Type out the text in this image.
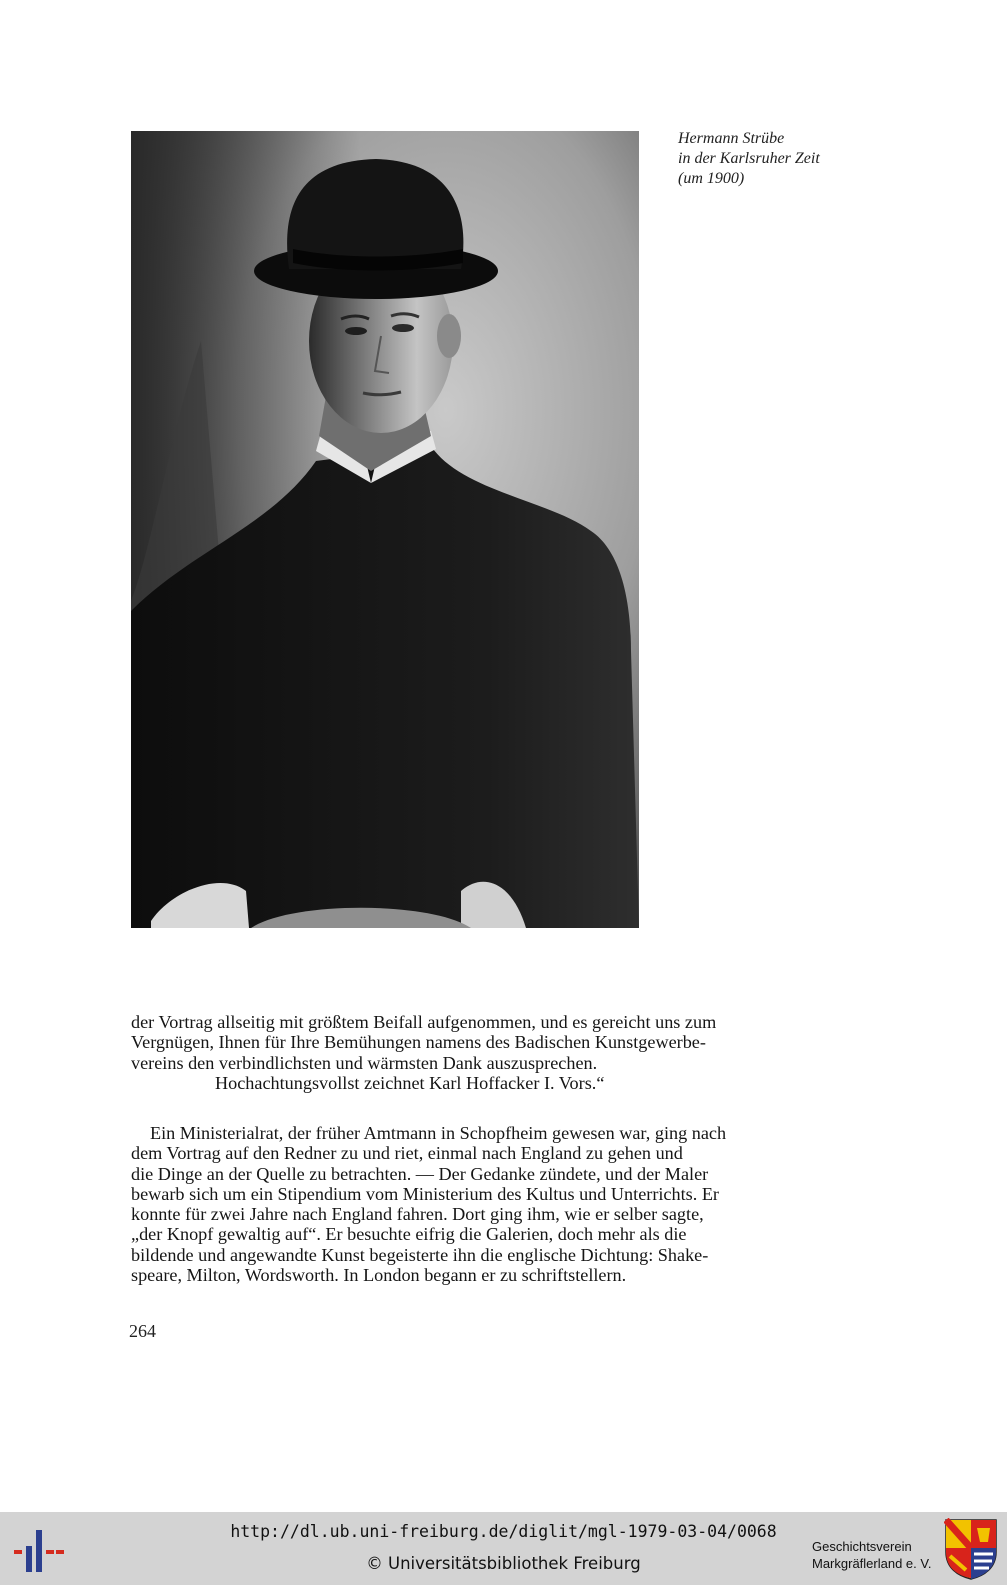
Hermann Strübe
in der Karlsruher Zeit
(um 1900)

der Vortrag allseitig mit größtem Beifall aufgenommen, und es gereicht uns zum

Vergnügen, Ihnen für Ihre Bemühungen namens des Badischen Kunstgewerbe-

vereins den verbindlichsten und wärmsten Dank auszusprechen.

Hochachtungsvollst zeichnet Karl Hoffacker I. Vors.“

Ein Ministerialrat, der früher Amtmann in Schopfheim gewesen war, ging nach

dem Vortrag auf den Redner zu und riet, einmal nach England zu gehen und

die Dinge an der Quelle zu betrachten. — Der Gedanke zündete, und der Maler

bewarb sich um ein Stipendium vom Ministerium des Kultus und Unterrichts. Er

konnte für zwei Jahre nach England fahren. Dort ging ihm, wie er selber sagte,

„der Knopf gewaltig auf“. Er besuchte eifrig die Galerien, doch mehr als die

bildende und angewandte Kunst begeisterte ihn die englische Dichtung: Shake-

speare, Milton, Wordsworth. In London begann er zu schriftstellern.

264
http://dl.ub.uni-freiburg.de/diglit/mgl-1979-03-04/0068
© Universitätsbibliothek Freiburg
Geschichtsverein
Markgräflerland e. V.
